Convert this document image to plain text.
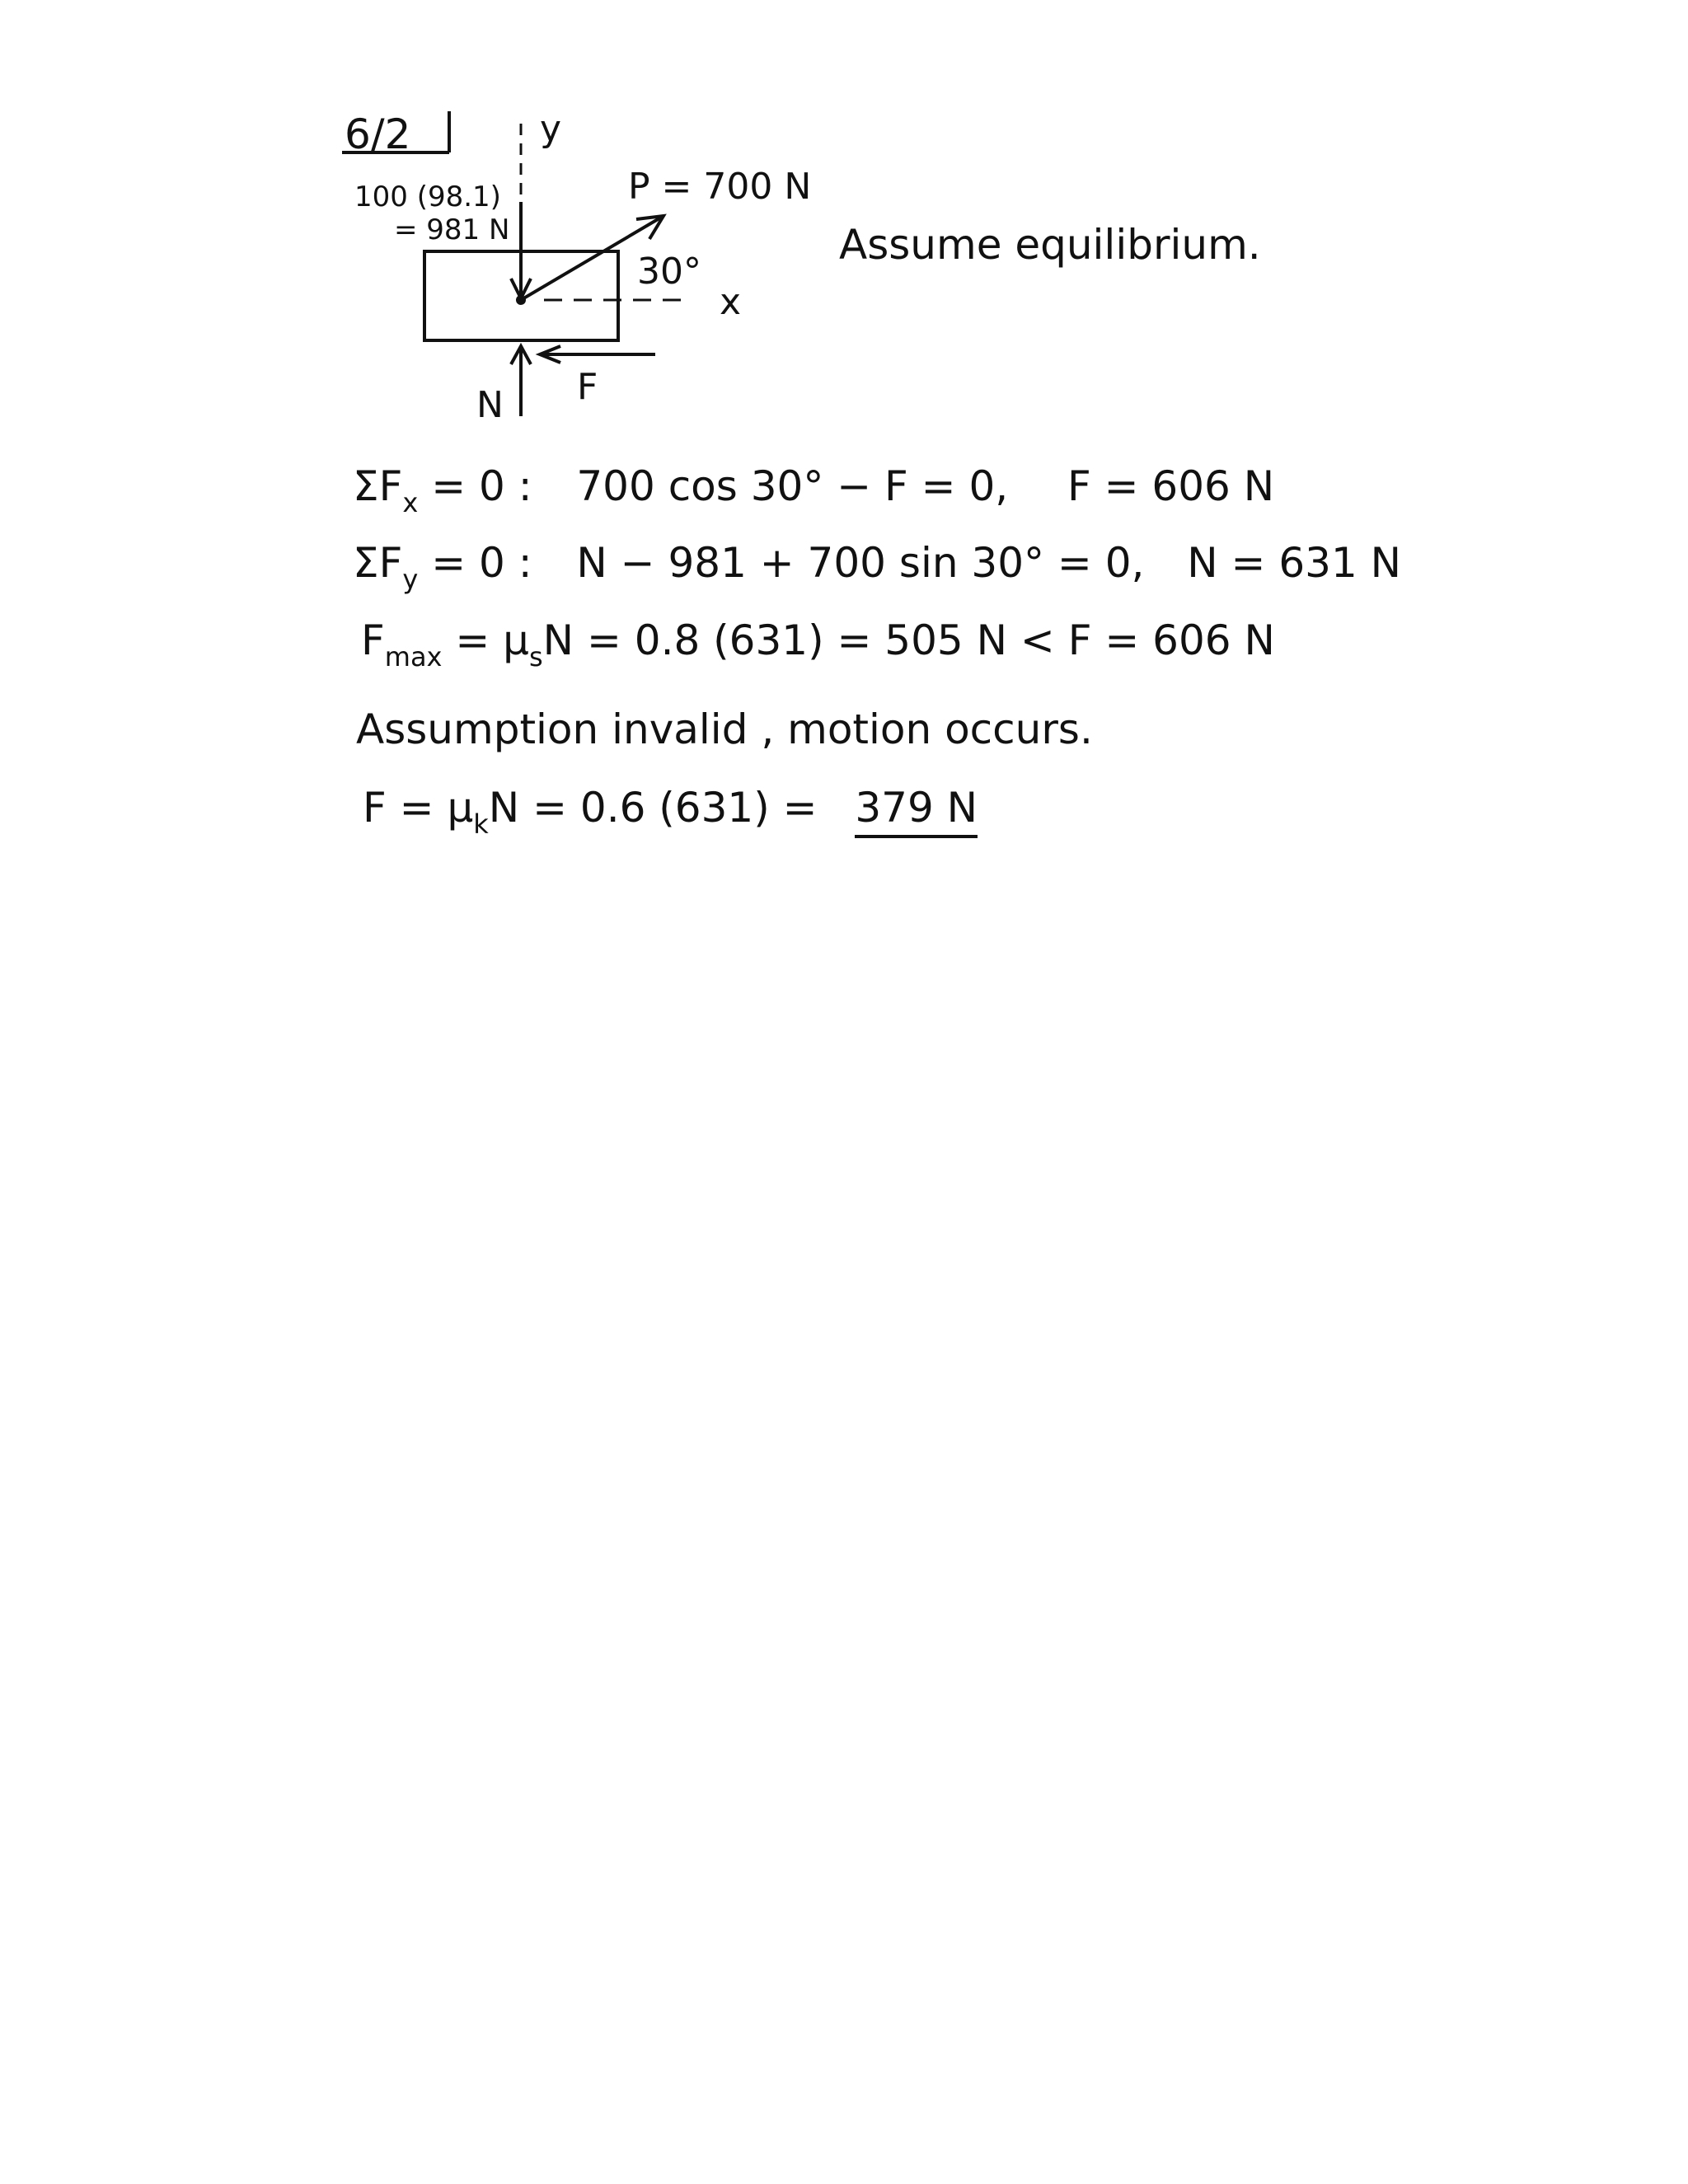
6/2	y
100 (98.1)
= 981 N
P = 700 N
30°
x
N F
Assume equilibrium.
$\Sigma F_x = 0$ : 700 cos 30° − F = 0, F = 606 N
$\Sigma F_y = 0$ : N − 981 + 700 sin 30° = 0, N = 631 N
$F_{max} = \mu_sN = 0.8$ (631) = 505 N < F = 606 N
Assumption invalid , motion occurs.
$F = \mu_kN = 0.6$ (631) = 379 N
